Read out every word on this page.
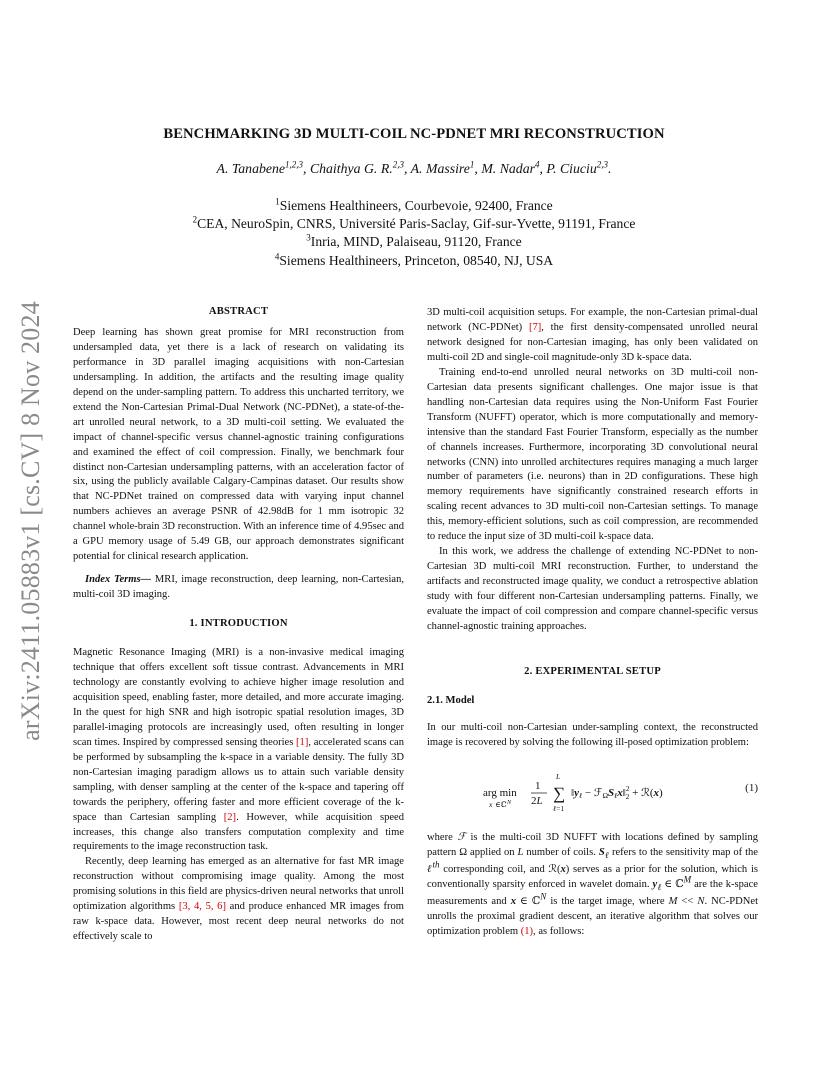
arXiv:2411.05883v1 [cs.CV] 8 Nov 2024
BENCHMARKING 3D MULTI-COIL NC-PDNET MRI RECONSTRUCTION
A. Tanabene$^{1,2,3}$, Chaithya G. R.$^{2,3}$, A. Massire$^1$, M. Nadar$^4$, P. Ciuciu$^{2,3}$.
$^1$Siemens Healthineers, Courbevoie, 92400, France
$^2$CEA, NeuroSpin, CNRS, Université Paris-Saclay, Gif-sur-Yvette, 91191, France
$^3$Inria, MIND, Palaiseau, 91120, France
$^4$Siemens Healthineers, Princeton, 08540, NJ, USA
ABSTRACT

Deep learning has shown great promise for MRI reconstruction from undersampled data, yet there is a lack of research on validating its performance in 3D parallel imaging acquisitions with non-Cartesian undersampling. In addition, the artifacts and the resulting image quality depend on the under-sampling pattern. To address this uncharted territory, we extend the Non-Cartesian Primal-Dual Network (NC-PDNet), a state-of-the-art unrolled neural network, to a 3D multi-coil setting. We evaluated the impact of channel-specific versus channel-agnostic training configurations and examined the effect of coil compression. Finally, we benchmark four distinct non-Cartesian undersampling patterns, with an acceleration factor of six, using the publicly available Calgary-Campinas dataset. Our results show that NC-PDNet trained on compressed data with varying input channel numbers achieves an average PSNR of 42.98dB for 1 mm isotropic 32 channel whole-brain 3D reconstruction. With an inference time of 4.95sec and a GPU memory usage of 5.49 GB, our approach demonstrates significant potential for clinical research application.

Index Terms— MRI, image reconstruction, deep learning, non-Cartesian, multi-coil 3D imaging.

1. INTRODUCTION

Magnetic Resonance Imaging (MRI) is a non-invasive medical imaging technique that offers excellent soft tissue contrast. Advancements in MRI technology are constantly evolving to achieve higher image resolution and acquisition speed, enabling faster, more detailed, and more accurate imaging. In the quest for high SNR and high isotropic spatial resolution images, 3D parallel-imaging protocols are increasingly used, often resulting in longer scan times. Inspired by compressed sensing theories [1], accelerated scans can be performed by subsampling the k-space in a variable density. The fully 3D non-Cartesian imaging paradigm allows us to attain such variable density sampling, with denser sampling at the center of the k-space and tapering off towards the periphery, offering faster and more efficient coverage of the k-space than Cartesian sampling [2]. However, while acquisition speed increases, this change also transfers computation complexity and time requirements to the image reconstruction task.

Recently, deep learning has emerged as an alternative for fast MR image reconstruction without compromising image quality. Among the most promising solutions in this field are physics-driven neural networks that unroll optimization algorithms [3, 4, 5, 6] and produce enhanced MR images from raw k-space data. However, most recent deep neural networks do not effectively scale to

3D multi-coil acquisition setups. For example, the non-Cartesian primal-dual network (NC-PDNet) [7], the first density-compensated unrolled neural network designed for non-Cartesian imaging, has only been validated on multi-coil 2D and single-coil magnitude-only 3D k-space data.

Training end-to-end unrolled neural networks on 3D multi-coil non-Cartesian data presents significant challenges. One major issue is that handling non-Cartesian data requires using the Non-Uniform Fast Fourier Transform (NUFFT) operator, which is more computationally and memory-intensive than the standard Fast Fourier Transform, especially as the number of channels increases. Furthermore, incorporating 3D convolutional neural networks (CNN) into unrolled architectures requires managing a much larger number of parameters (i.e. neurons) than in 2D configurations. These high memory requirements have significantly constrained research efforts in scaling recent advances to 3D multi-coil non-Cartesian settings. To manage this, memory-efficient solutions, such as coil compression, are recommended to reduce the input size of 3D multi-coil k-space data.

In this work, we address the challenge of extending NC-PDNet to non-Cartesian 3D multi-coil MRI reconstruction. Further, to understand the artifacts and reconstructed image quality, we conduct a retrospective ablation study with four different non-Cartesian undersampling patterns. Finally, we evaluate the impact of coil compression and compare channel-specific versus channel-agnostic training approaches.

2. EXPERIMENTAL SETUP
2.1. Model

In our multi-coil non-Cartesian under-sampling context, the reconstructed image is recovered by solving the following ill-posed optimization problem:

arg min
x ∈ℂ N
1
2L ∑
L
ℓ=1
‖yℓ − ℱΩSℓx‖$^2$ 2 + ℛ(x)	(1)

where ℱ is the multi-coil 3D NUFFT with locations defined by sampling pattern Ω applied on L number of coils. $S_\ell$ refers to the sensitivity map of the ℓ$^{th}$ corresponding coil, and ℛ(x) serves as a prior for the solution, which is conventionally sparsity enforced in wavelet domain. $y_\ell$ ∈ ℂ$^M$ are the k-space measurements and x ∈ ℂ$^N$ is the target image, where M << N. NC-PDNet unrolls the proximal gradient descent, an iterative algorithm that solves our optimization problem (1), as follows:
